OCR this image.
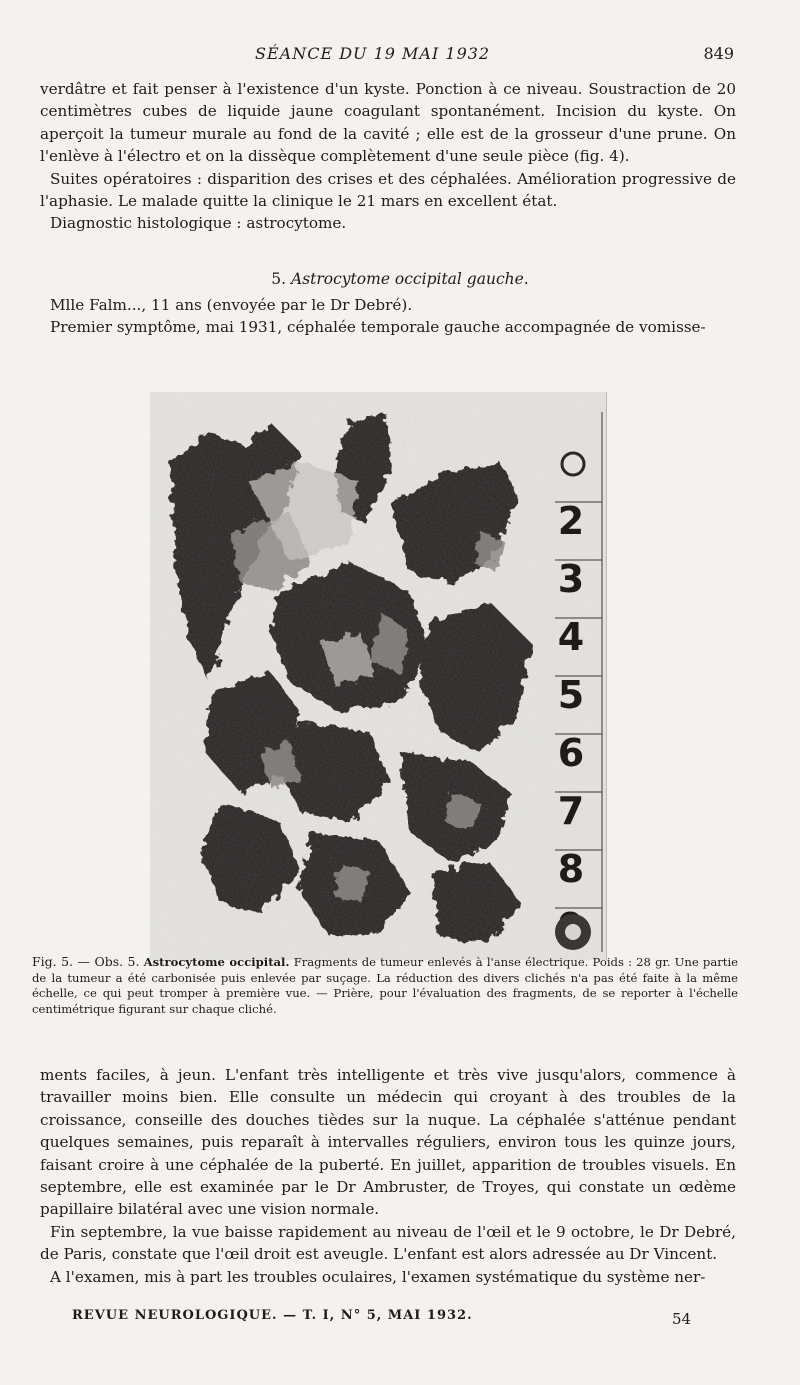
SÉANCE DU 19 MAI 1932	849

verdâtre et fait penser à l'existence d'un kyste. Ponction à ce niveau. Soustraction de 20 centimètres cubes de liquide jaune coagulant spontanément. Incision du kyste. On aperçoit la tumeur murale au fond de la cavité ; elle est de la grosseur d'une prune. On l'enlève à l'électro et on la dissèque complètement d'une seule pièce (fig. 4).

Suites opératoires : disparition des crises et des céphalées. Amélioration progressive de l'aphasie. Le malade quitte la clinique le 21 mars en excellent état.

Diagnostic histologique : astrocytome.

5. Astrocytome occipital gauche.

Mlle Falm..., 11 ans (envoyée par le Dr Debré).

Premier symptôme, mai 1931, céphalée temporale gauche accompagnée de vomisse-

2
3
4
5
6
7
8
Fig. 5. — Obs. 5. Astrocytome occipital. Fragments de tumeur enlevés à l'anse électrique. Poids : 28 gr. Une partie de la tumeur a été carbonisée puis enlevée par suçage. La réduction des divers clichés n'a pas été faite à la même échelle, ce qui peut tromper à première vue. — Prière, pour l'évaluation des fragments, de se reporter à l'échelle centimétrique figurant sur chaque cliché.

ments faciles, à jeun. L'enfant très intelligente et très vive jusqu'alors, commence à travailler moins bien. Elle consulte un médecin qui croyant à des troubles de la croissance, conseille des douches tièdes sur la nuque. La céphalée s'atténue pendant quelques semaines, puis reparaît à intervalles réguliers, environ tous les quinze jours, faisant croire à une céphalée de la puberté. En juillet, apparition de troubles visuels. En septembre, elle est examinée par le Dr Ambruster, de Troyes, qui constate un œdème papillaire bilatéral avec une vision normale.

Fin septembre, la vue baisse rapidement au niveau de l'œil et le 9 octobre, le Dr Debré, de Paris, constate que l'œil droit est aveugle. L'enfant est alors adressée au Dr Vincent.

A l'examen, mis à part les troubles oculaires, l'examen systématique du système ner-

REVUE NEUROLOGIQUE. — T. I, N° 5, MAI 1932.	54
